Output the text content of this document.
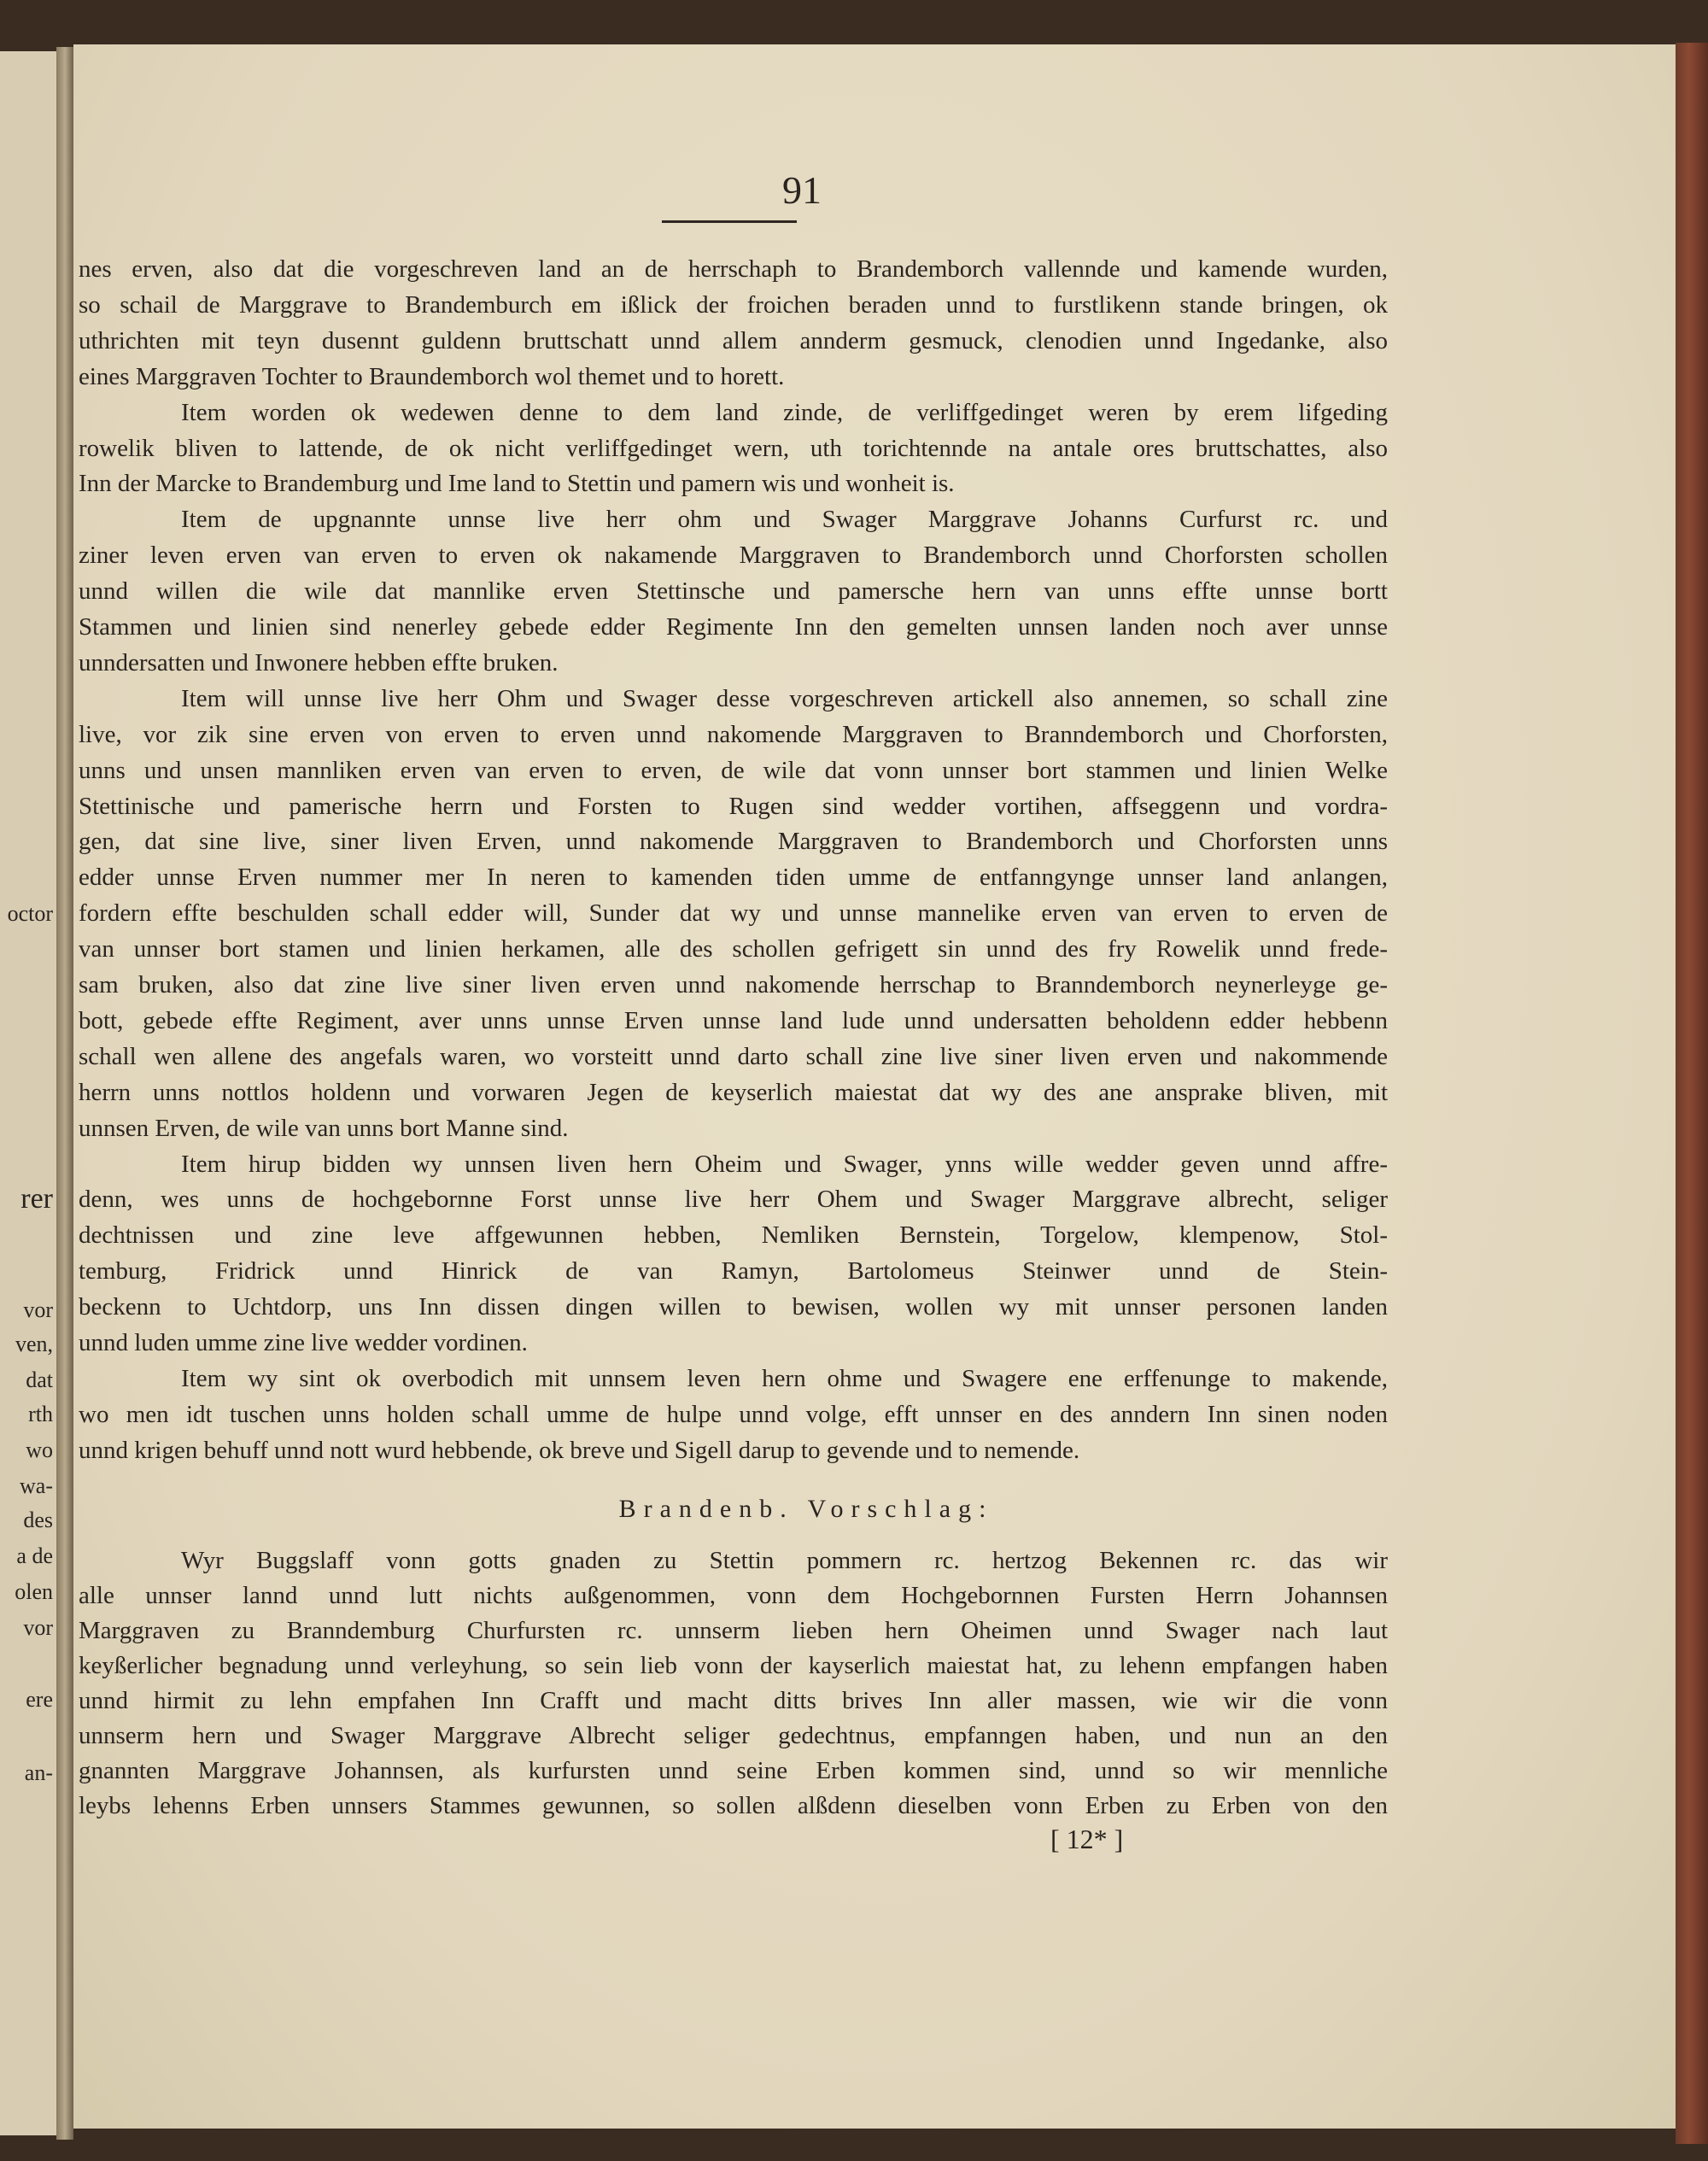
octor
rer
vor
ven,
dat
rth
wo
wa-
des
a de
olen
vor
ere
an-
91
nes erven, also dat die vorgeschreven land an de herrschaph to Brandemborch vallennde und kamende wurden,
so schail de Marggrave to Brandemburch em ißlick der froichen beraden unnd to furstlikenn stande bringen, ok
uthrichten mit teyn dusennt guldenn bruttschatt unnd allem annderm gesmuck, clenodien unnd Ingedanke, also
eines Marggraven Tochter to Braundemborch wol themet und to horett.
Item worden ok wedewen denne to dem land zinde, de verliffgedinget weren by erem lifgeding
rowelik bliven to lattende, de ok nicht verliffgedinget wern, uth torichtennde na antale ores bruttschattes, also
Inn der Marcke to Brandemburg und Ime land to Stettin und pamern wis und wonheit is.
Item de upgnannte unnse live herr ohm und Swager Marggrave Johanns Curfurst rc. und
ziner leven erven van erven to erven ok nakamende Marggraven to Brandemborch unnd Chorforsten schollen
unnd willen die wile dat mannlike erven Stettinsche und pamersche hern van unns effte unnse bortt
Stammen und linien sind nenerley gebede edder Regimente Inn den gemelten unnsen landen noch aver unnse
unndersatten und Inwonere hebben effte bruken.
Item will unnse live herr Ohm und Swager desse vorgeschreven artickell also annemen, so schall zine
live, vor zik sine erven von erven to erven unnd nakomende Marggraven to Branndemborch und Chorforsten,
unns und unsen mannliken erven van erven to erven, de wile dat vonn unnser bort stammen und linien Welke
Stettinische und pamerische herrn und Forsten to Rugen sind wedder vortihen, affseggenn und vordra-
gen, dat sine live, siner liven Erven, unnd nakomende Marggraven to Brandemborch und Chorforsten unns
edder unnse Erven nummer mer In neren to kamenden tiden umme de entfanngynge unnser land anlangen,
fordern effte beschulden schall edder will, Sunder dat wy und unnse mannelike erven van erven to erven de
van unnser bort stamen und linien herkamen, alle des schollen gefrigett sin unnd des fry Rowelik unnd frede-
sam bruken, also dat zine live siner liven erven unnd nakomende herrschap to Branndemborch neynerleyge ge-
bott, gebede effte Regiment, aver unns unnse Erven unnse land lude unnd undersatten beholdenn edder hebbenn
schall wen allene des angefals waren, wo vorsteitt unnd darto schall zine live siner liven erven und nakommende
herrn unns nottlos holdenn und vorwaren Jegen de keyserlich maiestat dat wy des ane ansprake bliven, mit
unnsen Erven, de wile van unns bort Manne sind.
Item hirup bidden wy unnsen liven hern Oheim und Swager, ynns wille wedder geven unnd affre-
denn, wes unns de hochgebornne Forst unnse live herr Ohem und Swager Marggrave albrecht, seliger
dechtnissen und zine leve affgewunnen hebben, Nemliken Bernstein, Torgelow, klempenow, Stol-
temburg, Fridrick unnd Hinrick de van Ramyn, Bartolomeus Steinwer unnd de Stein-
beckenn to Uchtdorp, uns Inn dissen dingen willen to bewisen, wollen wy mit unnser personen landen
unnd luden umme zine live wedder vordinen.
Item wy sint ok overbodich mit unnsem leven hern ohme und Swagere ene erffenunge to makende,
wo men idt tuschen unns holden schall umme de hulpe unnd volge, efft unnser en des anndern Inn sinen noden
unnd krigen behuff unnd nott wurd hebbende, ok breve und Sigell darup to gevende und to nemende.
Brandenb. Vorschlag:
Wyr Buggslaff vonn gotts gnaden zu Stettin pommern rc. hertzog Bekennen rc. das wir
alle unnser lannd unnd lutt nichts außgenommen, vonn dem Hochgebornnen Fursten Herrn Johannsen
Marggraven zu Branndemburg Churfursten rc. unnserm lieben hern Oheimen unnd Swager nach laut
keyßerlicher begnadung unnd verleyhung, so sein lieb vonn der kayserlich maiestat hat, zu lehenn empfangen haben
unnd hirmit zu lehn empfahen Inn Crafft und macht ditts brives Inn aller massen, wie wir die vonn
unnserm hern und Swager Marggrave Albrecht seliger gedechtnus, empfanngen haben, und nun an den
gnannten Marggrave Johannsen, als kurfursten unnd seine Erben kommen sind, unnd so wir mennliche
leybs lehenns Erben unnsers Stammes gewunnen, so sollen alßdenn dieselben vonn Erben zu Erben von den
[ 12* ]
